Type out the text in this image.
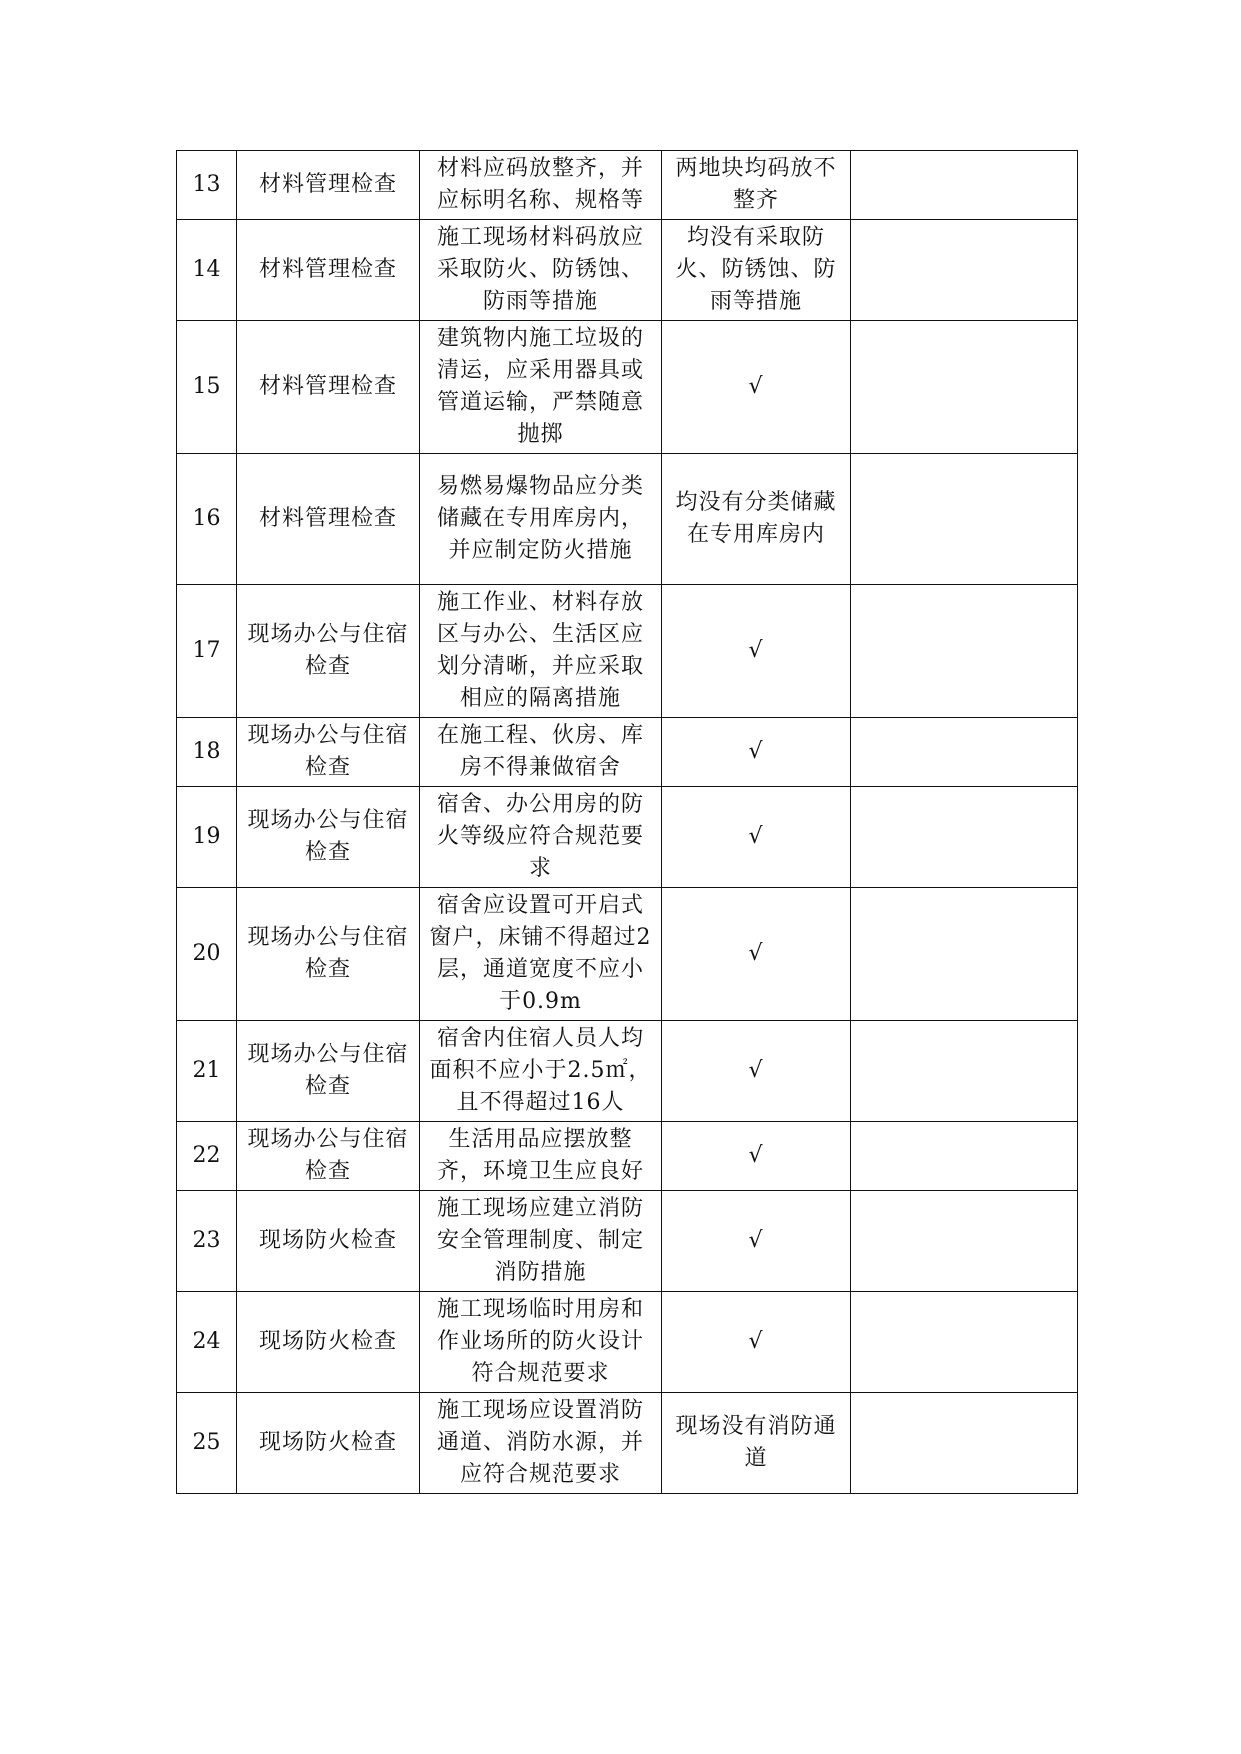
13	材料管理检查	材料应码放整齐，并应标明名称、规格等	两地块均码放不整齐	
14	材料管理检查	施工现场材料码放应采取防火、防锈蚀、防雨等措施	均没有采取防火、防锈蚀、防雨等措施	
15	材料管理检查	建筑物内施工垃圾的清运，应采用器具或管道运输，严禁随意抛掷	√	
16	材料管理检查	易燃易爆物品应分类储藏在专用库房内，并应制定防火措施	均没有分类储藏在专用库房内	
17	现场办公与住宿检查	施工作业、材料存放区与办公、生活区应划分清晰，并应采取相应的隔离措施	√	
18	现场办公与住宿检查	在施工程、伙房、库房不得兼做宿舍	√	
19	现场办公与住宿检查	宿舍、办公用房的防火等级应符合规范要求	√	
20	现场办公与住宿检查	宿舍应设置可开启式窗户，床铺不得超过2层，通道宽度不应小于0.9m	√	
21	现场办公与住宿检查	宿舍内住宿人员人均面积不应小于2.5㎡，且不得超过16人	√	
22	现场办公与住宿检查	生活用品应摆放整齐，环境卫生应良好	√	
23	现场防火检查	施工现场应建立消防安全管理制度、制定消防措施	√	
24	现场防火检查	施工现场临时用房和作业场所的防火设计符合规范要求	√	
25	现场防火检查	施工现场应设置消防通道、消防水源，并应符合规范要求	现场没有消防通道	
